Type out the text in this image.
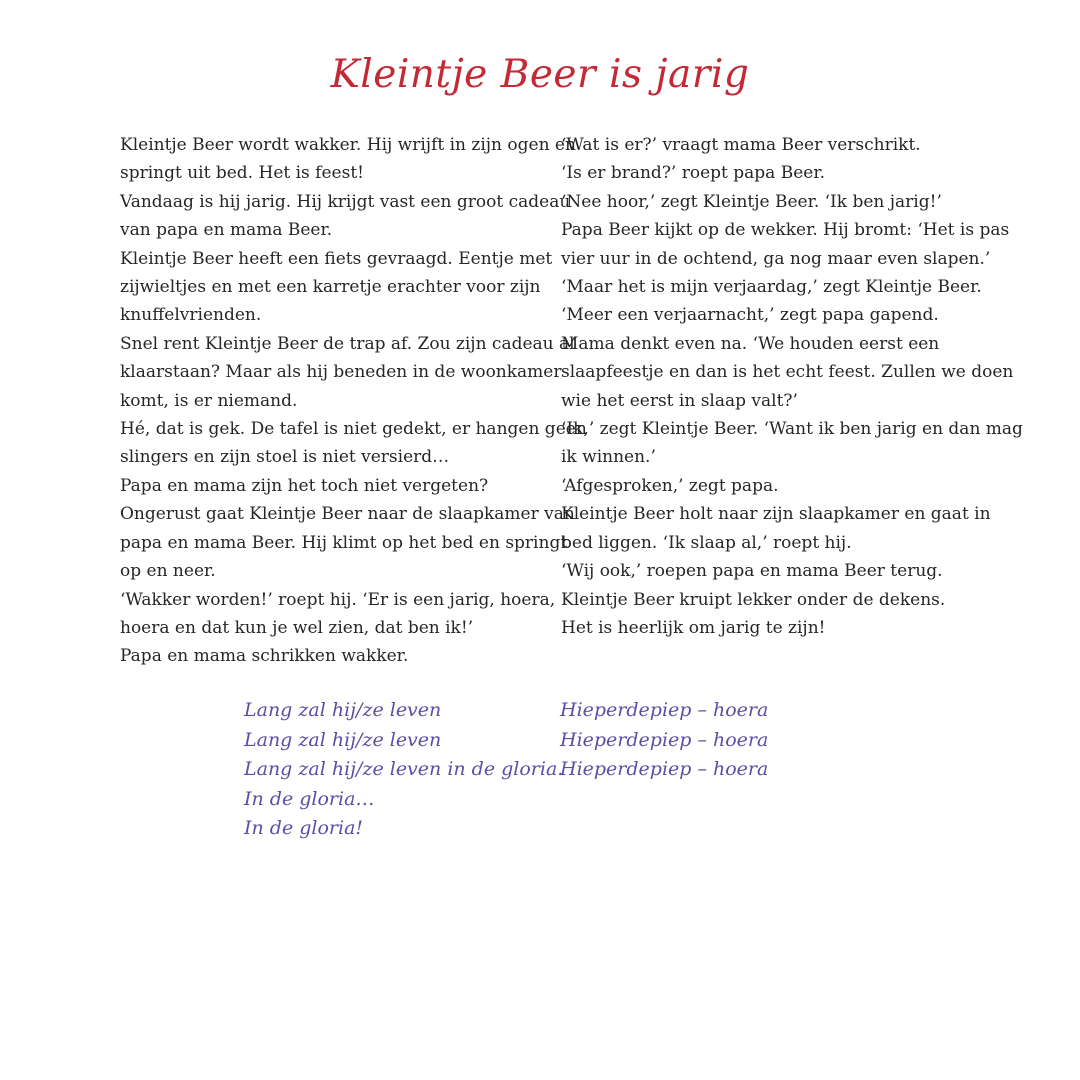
Kleintje Beer is jarig
Kleintje Beer wordt wakker. Hij wrijft in zijn ogen en
springt uit bed. Het is feest!
Vandaag is hij jarig. Hij krijgt vast een groot cadeau
van papa en mama Beer.
Kleintje Beer heeft een fiets gevraagd. Eentje met
zijwieltjes en met een karretje erachter voor zijn
knuffelvrienden.
Snel rent Kleintje Beer de trap af. Zou zijn cadeau al
klaarstaan? Maar als hij beneden in de woonkamer
komt, is er niemand.
Hé, dat is gek. De tafel is niet gedekt, er hangen geen
slingers en zijn stoel is niet versierd…
Papa en mama zijn het toch niet vergeten?
Ongerust gaat Kleintje Beer naar de slaapkamer van
papa en mama Beer. Hij klimt op het bed en springt
op en neer.
‘Wakker worden!’ roept hij. ‘Er is een jarig, hoera,
hoera en dat kun je wel zien, dat ben ik!’
Papa en mama schrikken wakker.
‘Wat is er?’ vraagt mama Beer verschrikt.
‘Is er brand?’ roept papa Beer.
‘Nee hoor,’ zegt Kleintje Beer. ‘Ik ben jarig!’
Papa Beer kijkt op de wekker. Hij bromt: ‘Het is pas
vier uur in de ochtend, ga nog maar even slapen.’
‘Maar het is mijn verjaardag,’ zegt Kleintje Beer.
‘Meer een verjaarnacht,’ zegt papa gapend.
Mama denkt even na. ‘We houden eerst een
slaapfeestje en dan is het echt feest. Zullen we doen
wie het eerst in slaap valt?’
‘Ik,’ zegt Kleintje Beer. ‘Want ik ben jarig en dan mag
ik winnen.’
‘Afgesproken,’ zegt papa.
Kleintje Beer holt naar zijn slaapkamer en gaat in
bed liggen. ‘Ik slaap al,’ roept hij.
‘Wij ook,’ roepen papa en mama Beer terug.
Kleintje Beer kruipt lekker onder de dekens.
Het is heerlijk om jarig te zijn!
Lang zal hij/ze leven
Lang zal hij/ze leven
Lang zal hij/ze leven in de gloria.
In de gloria…
In de gloria!
Hieperdepiep – hoera
Hieperdepiep – hoera
Hieperdepiep – hoera
